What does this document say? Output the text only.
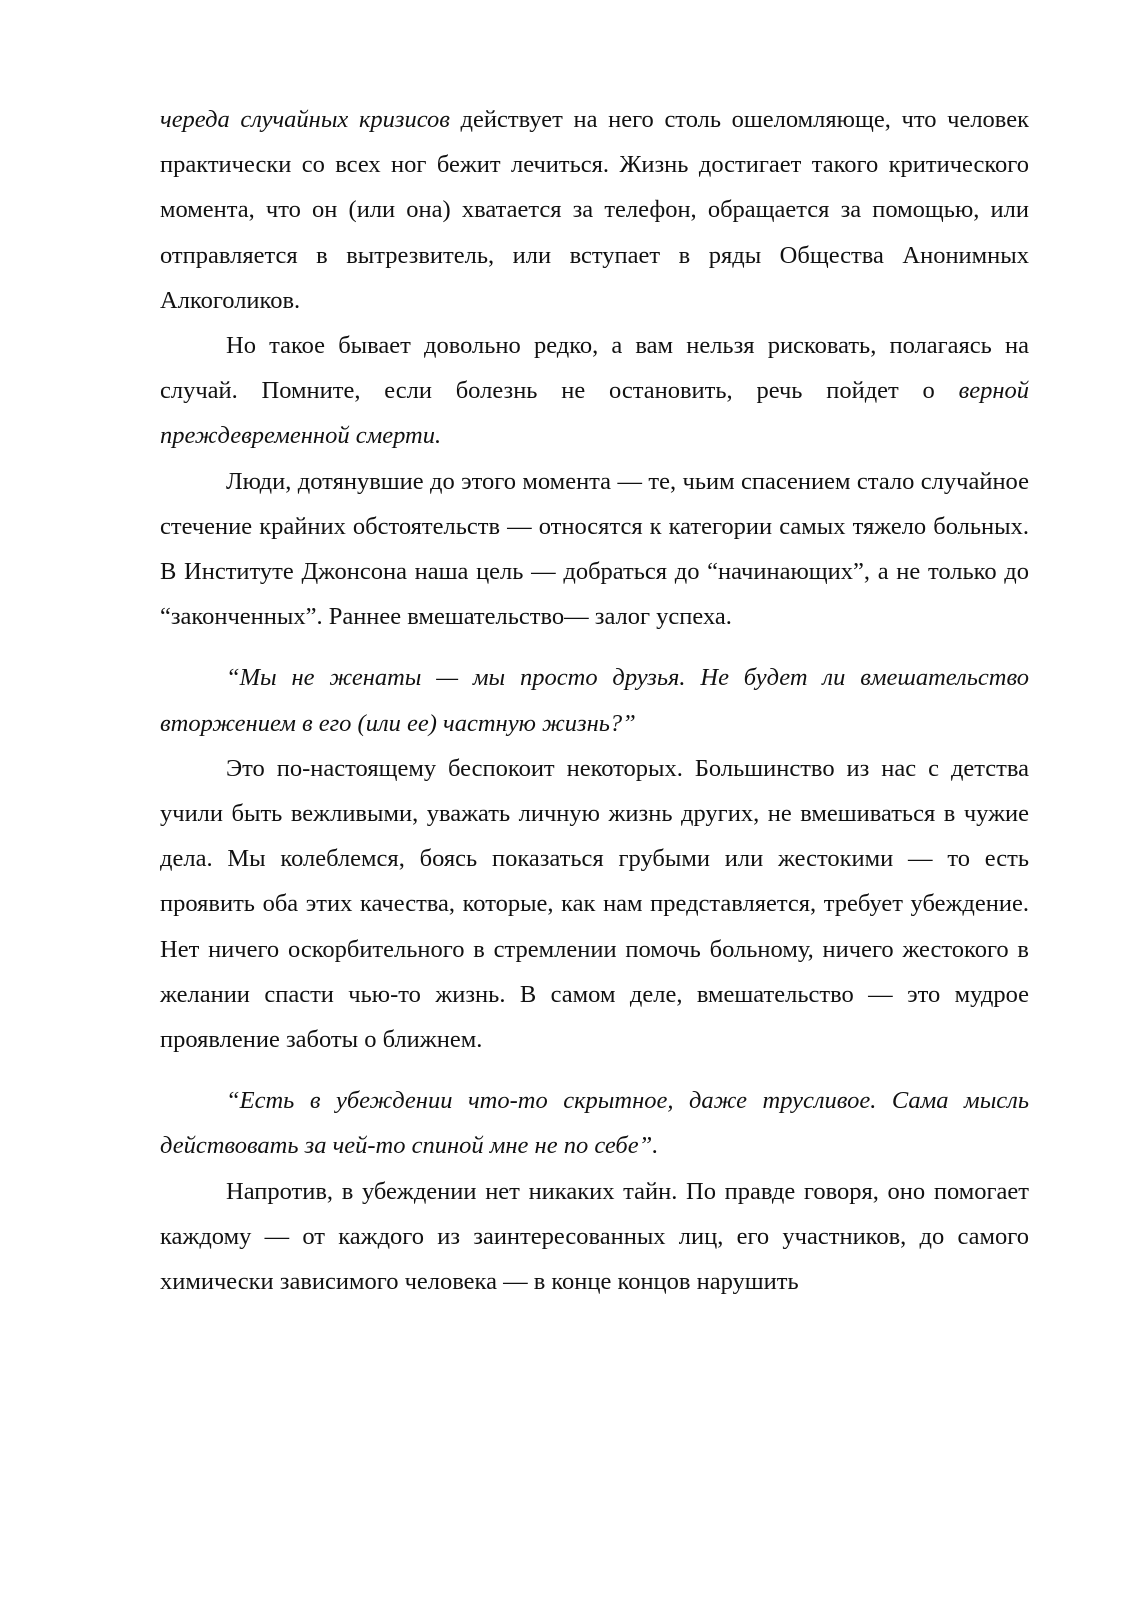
череда случайных кризисов действует на него столь ошеломляюще, что человек практически со всех ног бежит лечиться. Жизнь достигает такого критического момента, что он (или она) хватается за телефон, обращается за помощью, или отправляется в вытрезвитель, или вступает в ряды Общества Анонимных Алкоголиков.

Но такое бывает довольно редко, а вам нельзя рисковать, полагаясь на случай. Помните, если болезнь не остановить, речь пойдет о верной преждевременной смерти.

Люди, дотянувшие до этого момента — те, чьим спасением стало случайное стечение крайних обстоятельств — относятся к категории самых тяжело больных. В Институте Джонсона наша цель — добраться до “начинающих”, а не только до “законченных”. Раннее вмешательство— залог успеха.

“Мы не женаты — мы просто друзья. Не будет ли вмешательство вторжением в его (или ее) частную жизнь?”

Это по-настоящему беспокоит некоторых. Большинство из нас с детства учили быть вежливыми, уважать личную жизнь других, не вмешиваться в чужие дела. Мы колеблемся, боясь показаться грубыми или жестокими — то есть проявить оба этих качества, которые, как нам представляется, требует убеждение. Нет ничего оскорбительного в стремлении помочь больному, ничего жестокого в желании спасти чью-то жизнь. В самом деле, вмешательство — это мудрое проявление заботы о ближнем.

“Есть в убеждении что-то скрытное, даже трусливое. Сама мысль действовать за чей-то спиной мне не по себе”.

Напротив, в убеждении нет никаких тайн. По правде говоря, оно помогает каждому — от каждого из заинтересованных лиц, его участников, до самого химически зависимого человека — в конце концов нарушить
